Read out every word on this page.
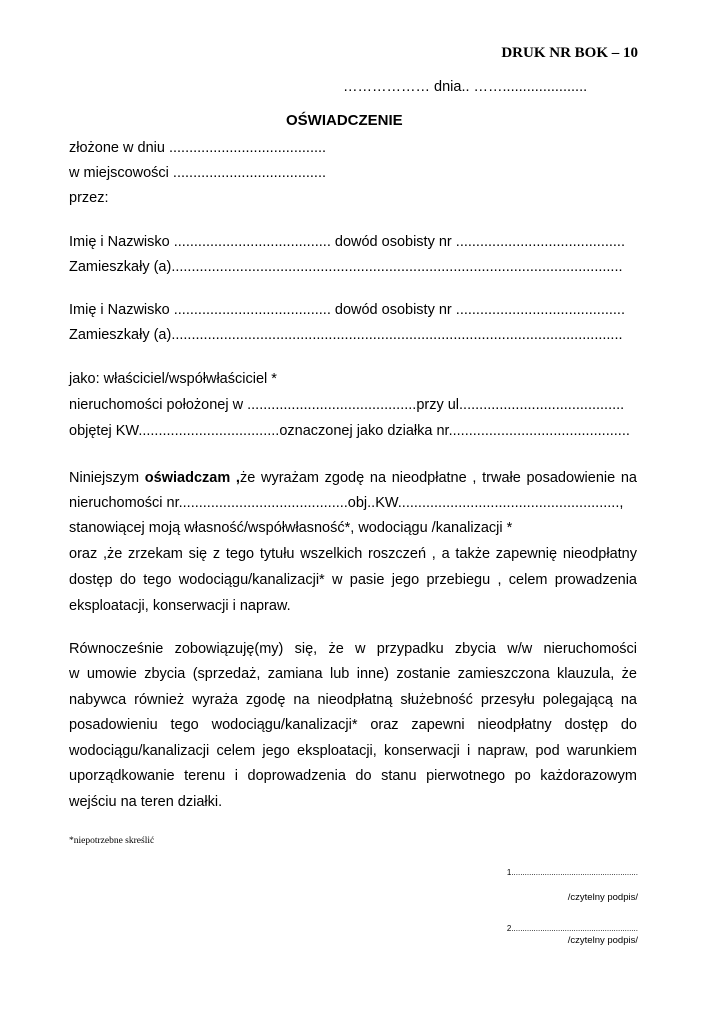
DRUK NR BOK – 10
……………… dnia.. …….....................
OŚWIADCZENIE
złożone w dniu .......................................
w miejscowości ......................................
przez:
Imię i Nazwisko ....................................... dowód osobisty nr ..........................................
Zamieszkały (a)................................................................................................................
Imię i Nazwisko ....................................... dowód osobisty nr ..........................................
Zamieszkały (a)................................................................................................................
jako: właściciel/współwłaściciel *
nieruchomości położonej w ..........................................przy ul.........................................
objętej KW...................................oznaczonej jako działka nr.............................................
Niniejszym oświadczam ,że wyrażam zgodę na nieodpłatne , trwałe posadowienie na
nieruchomości nr..........................................obj..KW.......................................................,
stanowiącej moją własność/współwłasność*, wodociągu /kanalizacji *
oraz ,że zrzekam się z tego tytułu wszelkich roszczeń , a także zapewnię nieodpłatny
dostęp do tego wodociągu/kanalizacji* w pasie jego przebiegu , celem prowadzenia
eksploatacji, konserwacji i napraw.
Równocześnie zobowiązuję(my) się, że w przypadku zbycia w/w nieruchomości
w umowie zbycia (sprzedaż, zamiana lub inne) zostanie zamieszczona klauzula, że
nabywca również wyraża zgodę na nieodpłatną służebność przesyłu polegającą na
posadowieniu tego wodociągu/kanalizacji* oraz zapewni nieodpłatny dostęp do
wodociągu/kanalizacji celem jego eksploatacji, konserwacji i napraw, pod warunkiem
uporządkowanie terenu i doprowadzenia do stanu pierwotnego po każdorazowym
wejściu na teren działki.
*niepotrzebne skreślić
1.........................................................
/czytelny podpis/
2.........................................................
/czytelny podpis/
